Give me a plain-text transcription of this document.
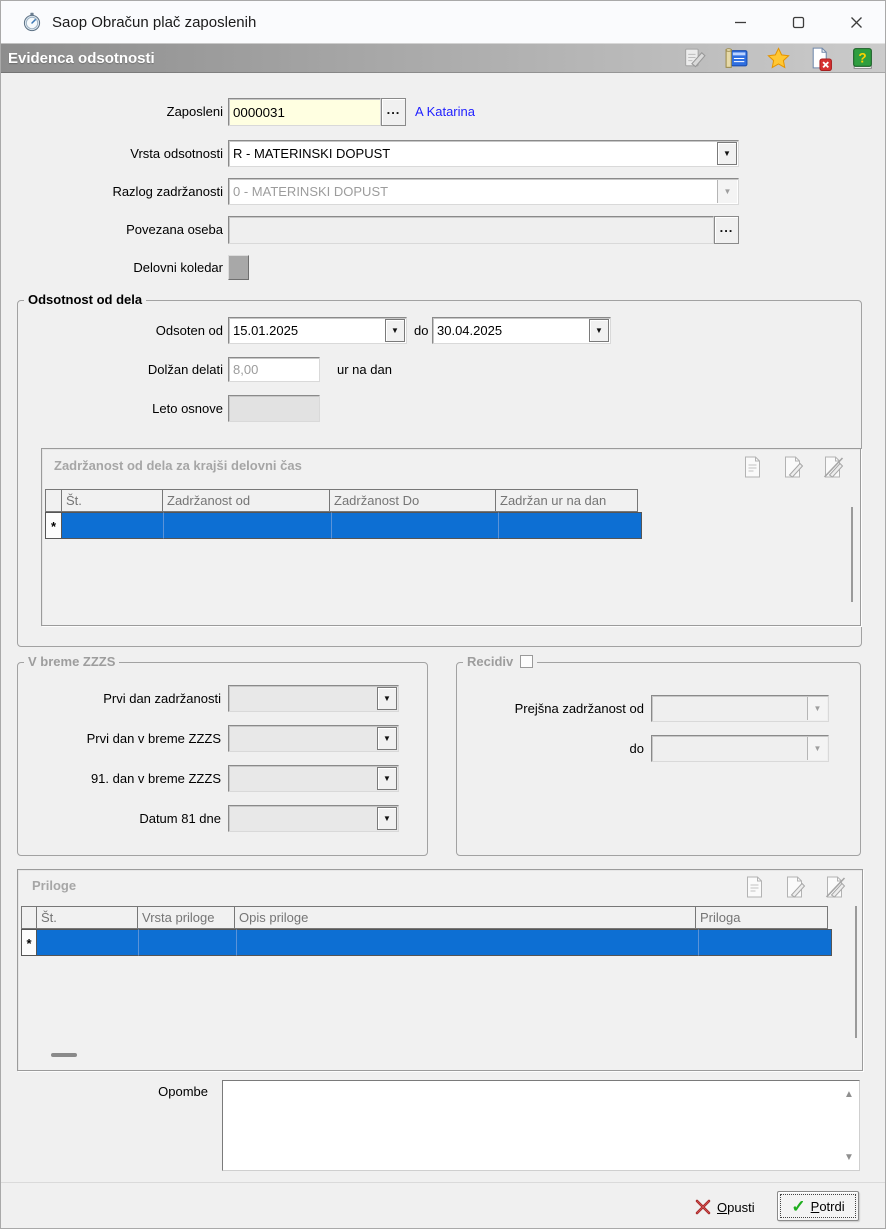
Saop Obračun plač zaposlenih
Evidenca odsotnosti	?
Zaposleni
0000031	...	A Katarina
Vrsta odsotnosti R - MATERINSKI DOPUST	▼
Razlog zadržanosti 0 - MATERINSKI DOPUST	▼
Povezana oseba	...
Delovni koledar
Odsotnost od dela
Odsoten od 15.01.2025	▼	do 30.04.2025	▼
Dolžan delati 8,00	ur na dan
Leto osnove
Zadržanost od dela za krajši delovni čas
Št.	Zadržanost od	Zadržanost Do	Zadržan ur na dan
*
V breme ZZZS
Prvi dan zadržanosti	▼
Prvi dan v breme ZZZS	▼
91. dan v breme ZZZS	▼
Datum 81 dne	▼
Recidiv
Prejšna zadržanost od	▼
do	▼
Priloge
Št.	Vrsta priloge	Opis priloge	Priloga
*
Opombe	▲
▼
Opusti ✓ Potrdi
